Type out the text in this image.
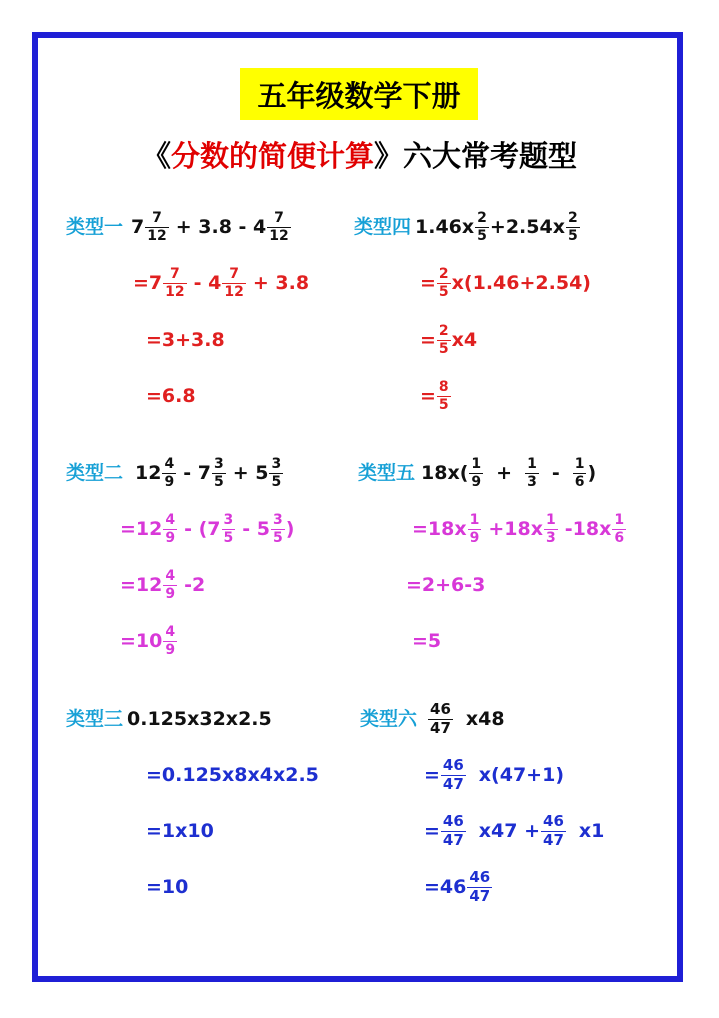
五年级数学下册
《分数的简便计算》六大常考题型
类型一 $7 \frac{7}{12} + 3.8 - 4 \frac{7}{12}$
$=7 \frac{7}{12} - 4 \frac{7}{12} + 3.8$
=3+3.8
=6.8
类型四 $1.46x \frac{2}{5} +2.54x \frac{2}{5}$
= $\frac{2}{5} x(1.46+2.54)$
= $\frac{2}{5} x4$
= $\frac{8}{5}$
类型二 $12 \frac{4}{9} - 7 \frac{3}{5} + 5 \frac{3}{5}$
$=12 \frac{4}{9} - (7 \frac{3}{5} - 5 \frac{3}{5}$ )
$=12 \frac{4}{9} -2$
$=10 \frac{4}{9}$
类型五 $18x( \frac{1}{9} + \frac{1}{3} - \frac{1}{6}$ )
$=18x \frac{1}{9} +18x \frac{1}{3} -18x \frac{1}{6}$
=2+6-3
=5
类型三 0.125x32x2.5
=0.125x8x4x2.5
=1x10
=10
类型六 $\frac{46}{47} x48$
= $\frac{46}{47} x(47+1)$
= $\frac{46}{47} x47 + \frac{46}{47} x1$
$=46 \frac{46}{47}$
